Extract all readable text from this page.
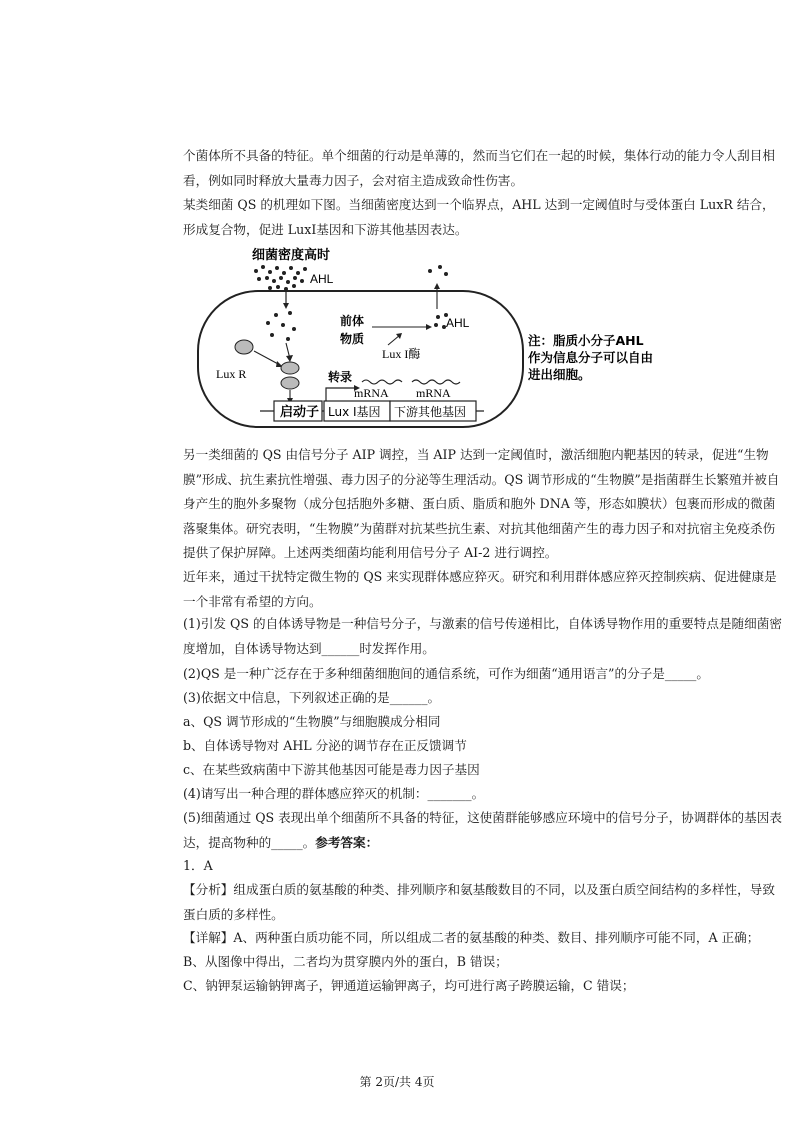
个菌体所不具备的特征。单个细菌的行动是单薄的，然而当它们在一起的时候，集体行动的能力令人刮目相看，例如同时释放大量毒力因子，会对宿主造成致命性伤害。

某类细菌 QS 的机理如下图。当细菌密度达到一个临界点，AHL 达到一定阈值时与受体蛋白 LuxR 结合，形成复合物，促进 LuxI基因和下游其他基因表达。

细菌密度高时
AHL
Lux R
启动子 Lux I基因 下游其他基因
转录
mRNA mRNA
Lux I酶
前体
物质
AHL
注：脂质小分子AHL
作为信息分子可以自由
进出细胞。

另一类细菌的 QS 由信号分子 AIP 调控，当 AIP 达到一定阈值时，激活细胞内靶基因的转录，促进“生物膜”形成、抗生素抗性增强、毒力因子的分泌等生理活动。QS 调节形成的“生物膜”是指菌群生长繁殖并被自身产生的胞外多聚物（成分包括胞外多糖、蛋白质、脂质和胞外 DNA 等，形态如膜状）包裹而形成的微菌落聚集体。研究表明，“生物膜”为菌群对抗某些抗生素、对抗其他细菌产生的毒力因子和对抗宿主免疫杀伤提供了保护屏障。上述两类细菌均能利用信号分子 AI-2 进行调控。

近年来，通过干扰特定微生物的 QS 来实现群体感应猝灭。研究和利用群体感应猝灭控制疾病、促进健康是一个非常有希望的方向。

(1)引发 QS 的自体诱导物是一种信号分子，与激素的信号传递相比，自体诱导物作用的重要特点是随细菌密度增加，自体诱导物达到______时发挥作用。

(2)QS 是一种广泛存在于多种细菌细胞间的通信系统，可作为细菌“通用语言”的分子是_____。

(3)依据文中信息，下列叙述正确的是______。

a、QS 调节形成的“生物膜”与细胞膜成分相同

b、自体诱导物对 AHL 分泌的调节存在正反馈调节

c、在某些致病菌中下游其他基因可能是毒力因子基因

(4)请写出一种合理的群体感应猝灭的机制：_______。

(5)细菌通过 QS 表现出单个细菌所不具备的特征，这使菌群能够感应环境中的信号分子，协调群体的基因表达，提高物种的_____。参考答案：

1．A

【分析】组成蛋白质的氨基酸的种类、排列顺序和氨基酸数目的不同，以及蛋白质空间结构的多样性，导致蛋白质的多样性。

【详解】A、两种蛋白质功能不同，所以组成二者的氨基酸的种类、数目、排列顺序可能不同，A 正确；

B、从图像中得出，二者均为贯穿膜内外的蛋白，B 错误；

C、钠钾泵运输钠钾离子，钾通道运输钾离子，均可进行离子跨膜运输，C 错误；

第 2页/共 4页
